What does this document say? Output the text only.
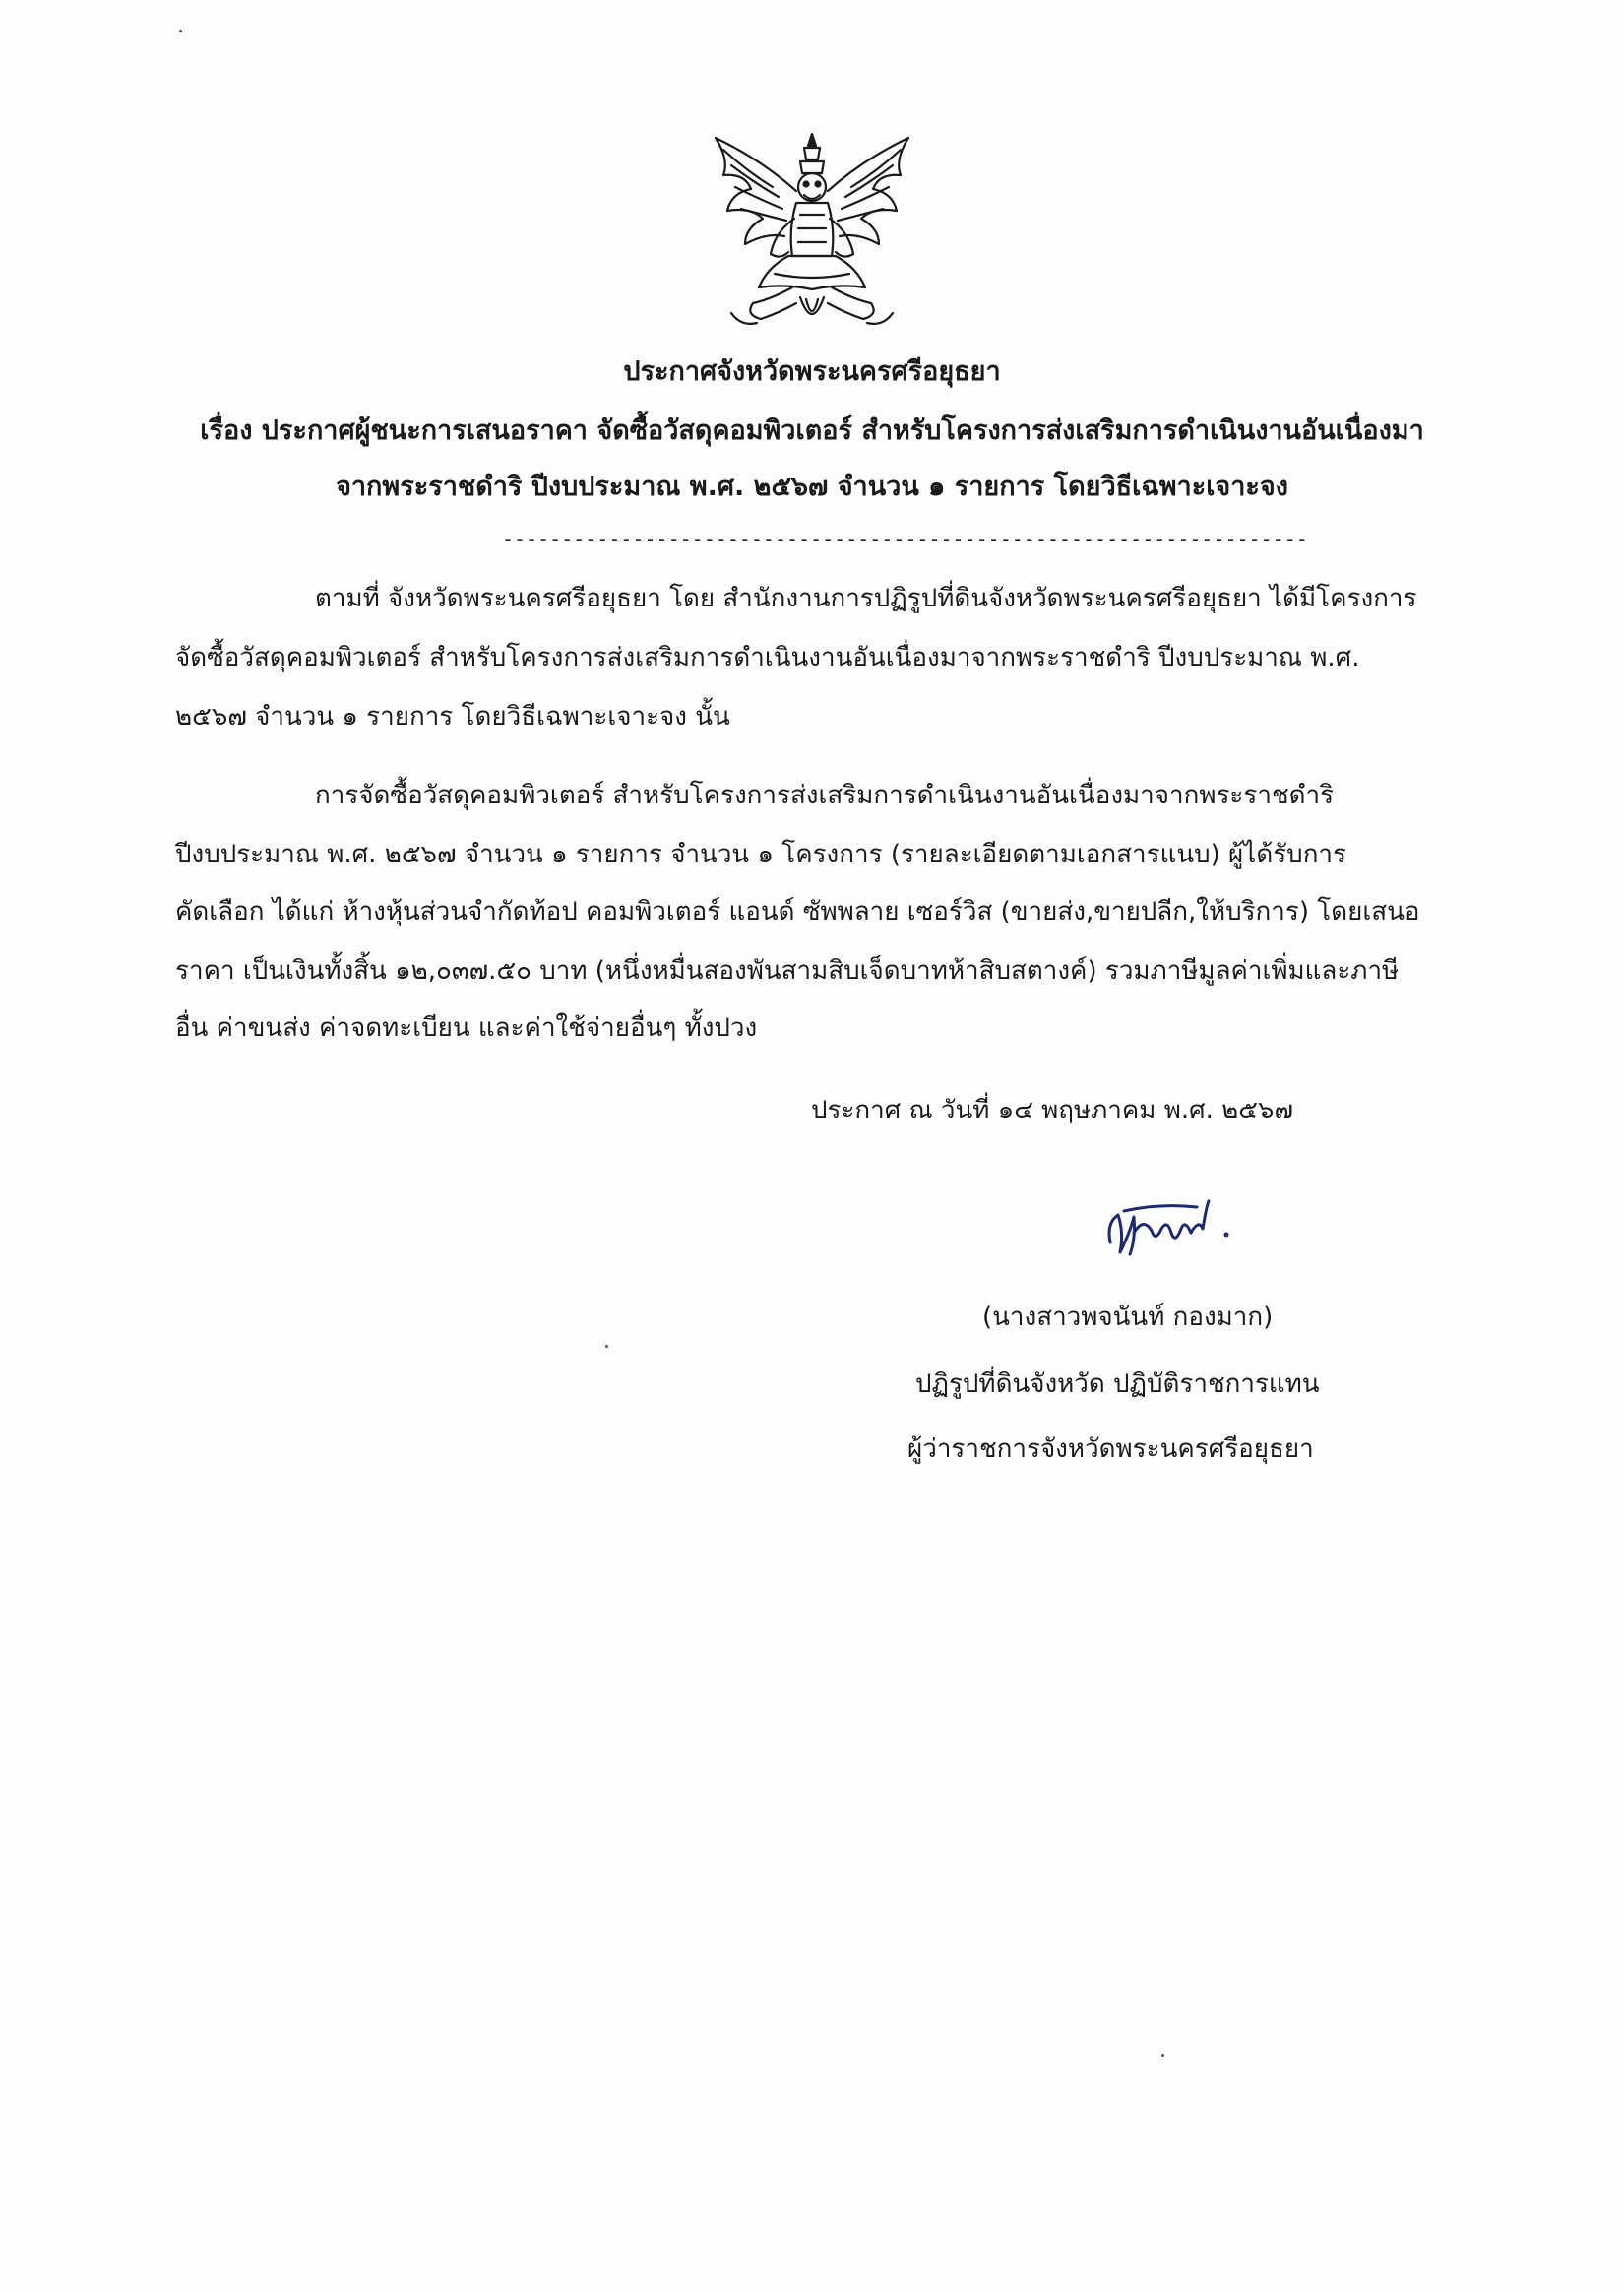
ประกาศจังหวัดพระนครศรีอยุธยา
เรื่อง ประกาศผู้ชนะการเสนอราคา จัดซื้อวัสดุคอมพิวเตอร์ สำหรับโครงการส่งเสริมการดำเนินงานอันเนื่องมา
จากพระราชดำริ ปีงบประมาณ พ.ศ. ๒๕๖๗ จำนวน ๑ รายการ โดยวิธีเฉพาะเจาะจง
--------------------------------------------------------------------
ตามที่ จังหวัดพระนครศรีอยุธยา โดย สำนักงานการปฏิรูปที่ดินจังหวัดพระนครศรีอยุธยา ได้มีโครงการ
จัดซื้อวัสดุคอมพิวเตอร์ สำหรับโครงการส่งเสริมการดำเนินงานอันเนื่องมาจากพระราชดำริ ปีงบประมาณ พ.ศ.
๒๕๖๗ จำนวน ๑ รายการ โดยวิธีเฉพาะเจาะจง นั้น
การจัดซื้อวัสดุคอมพิวเตอร์ สำหรับโครงการส่งเสริมการดำเนินงานอันเนื่องมาจากพระราชดำริ
ปีงบประมาณ พ.ศ. ๒๕๖๗ จำนวน ๑ รายการ จำนวน ๑ โครงการ (รายละเอียดตามเอกสารแนบ) ผู้ได้รับการ
คัดเลือก ได้แก่ ห้างหุ้นส่วนจำกัดท้อป คอมพิวเตอร์ แอนด์ ซัพพลาย เซอร์วิส (ขายส่ง,ขายปลีก,ให้บริการ) โดยเสนอ
ราคา เป็นเงินทั้งสิ้น ๑๒,๐๓๗.๕๐ บาท (หนึ่งหมื่นสองพันสามสิบเจ็ดบาทห้าสิบสตางค์) รวมภาษีมูลค่าเพิ่มและภาษี
อื่น ค่าขนส่ง ค่าจดทะเบียน และค่าใช้จ่ายอื่นๆ ทั้งปวง
ประกาศ ณ วันที่ ๑๔ พฤษภาคม พ.ศ. ๒๕๖๗
(นางสาวพจนันท์ กองมาก)
ปฏิรูปที่ดินจังหวัด ปฏิบัติราชการแทน
ผู้ว่าราชการจังหวัดพระนครศรีอยุธยา
